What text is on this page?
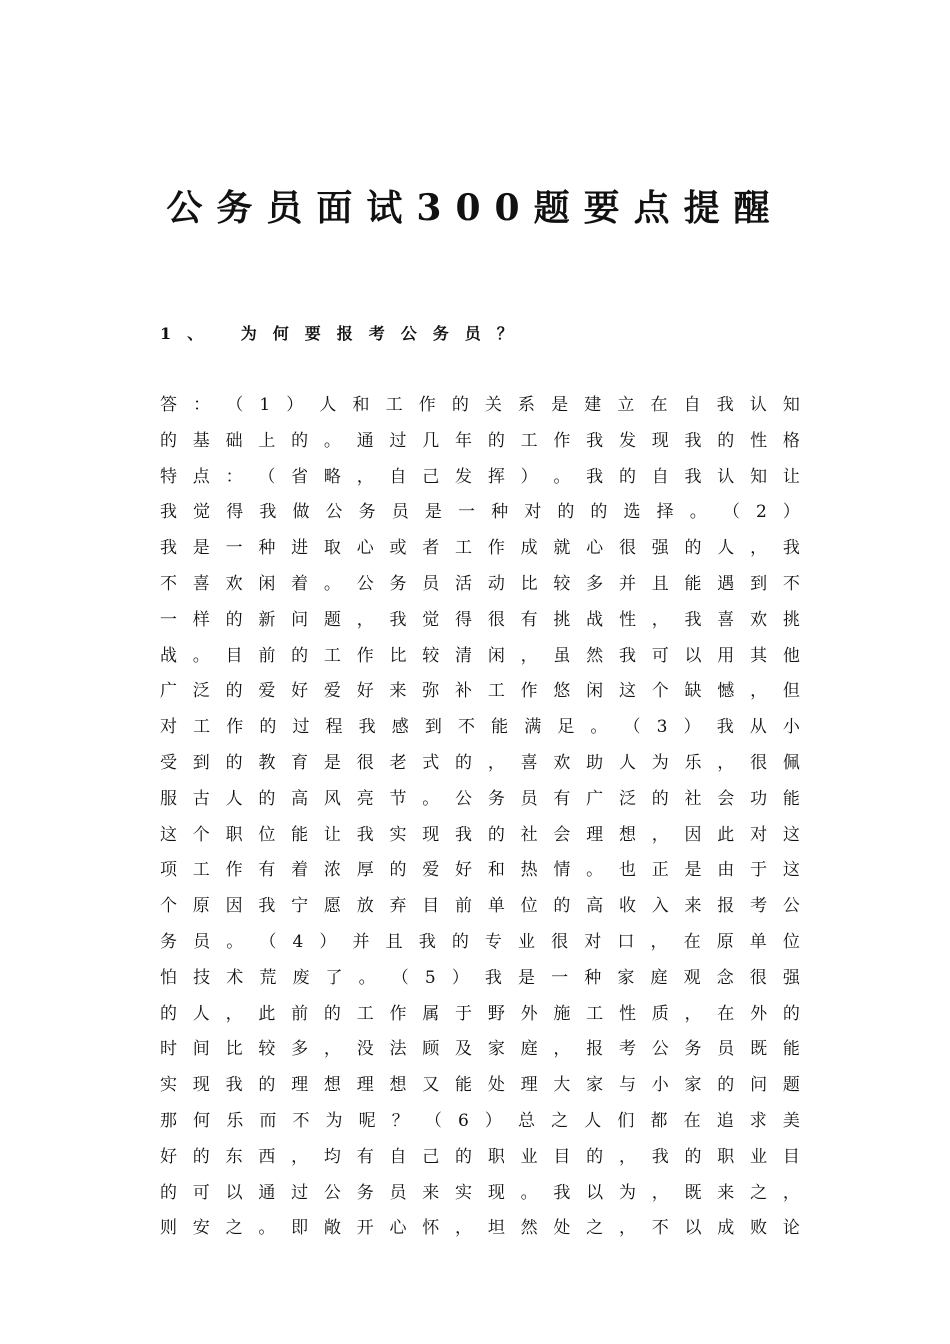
公务员面试300题要点提醒
1、 为何要报考公务员？
答 ： （ 1 ） 人 和 工 作 的 关 系 是 建 立 在 自 我 认 知
的 基 础 上 的 。 通 过 几 年 的 工 作 我 发 现 我 的 性 格
特 点 ： （ 省 略 ， 自 己 发 挥 ） 。 我 的 自 我 认 知 让
我 觉 得 我 做 公 务 员 是 一 种 对 的 的 选 择 。 （ 2 ）
我 是 一 种 进 取 心 或 者 工 作 成 就 心 很 强 的 人 ， 我
不 喜 欢 闲 着 。 公 务 员 活 动 比 较 多 并 且 能 遇 到 不
一 样 的 新 问 题 ， 我 觉 得 很 有 挑 战 性 ， 我 喜 欢 挑
战 。 目 前 的 工 作 比 较 清 闲 ， 虽 然 我 可 以 用 其 他
广 泛 的 爱 好 爱 好 来 弥 补 工 作 悠 闲 这 个 缺 憾 ， 但
对 工 作 的 过 程 我 感 到 不 能 满 足 。 （ 3 ） 我 从 小
受 到 的 教 育 是 很 老 式 的 ， 喜 欢 助 人 为 乐 ， 很 佩
服 古 人 的 高 风 亮 节 。 公 务 员 有 广 泛 的 社 会 功 能
这 个 职 位 能 让 我 实 现 我 的 社 会 理 想 ， 因 此 对 这
项 工 作 有 着 浓 厚 的 爱 好 和 热 情 。 也 正 是 由 于 这
个 原 因 我 宁 愿 放 弃 目 前 单 位 的 高 收 入 来 报 考 公
务 员 。 （ 4 ） 并 且 我 的 专 业 很 对 口 ， 在 原 单 位
怕 技 术 荒 废 了 。 （ 5 ） 我 是 一 种 家 庭 观 念 很 强
的 人 ， 此 前 的 工 作 属 于 野 外 施 工 性 质 ， 在 外 的
时 间 比 较 多 ， 没 法 顾 及 家 庭 ， 报 考 公 务 员 既 能
实 现 我 的 理 想 理 想 又 能 处 理 大 家 与 小 家 的 问 题
那 何 乐 而 不 为 呢 ？ （ 6 ） 总 之 人 们 都 在 追 求 美
好 的 东 西 ， 均 有 自 己 的 职 业 目 的 ， 我 的 职 业 目
的 可 以 通 过 公 务 员 来 实 现 。 我 以 为 ， 既 来 之 ，
则 安 之 。 即 敞 开 心 怀 ， 坦 然 处 之 ， 不 以 成 败 论
